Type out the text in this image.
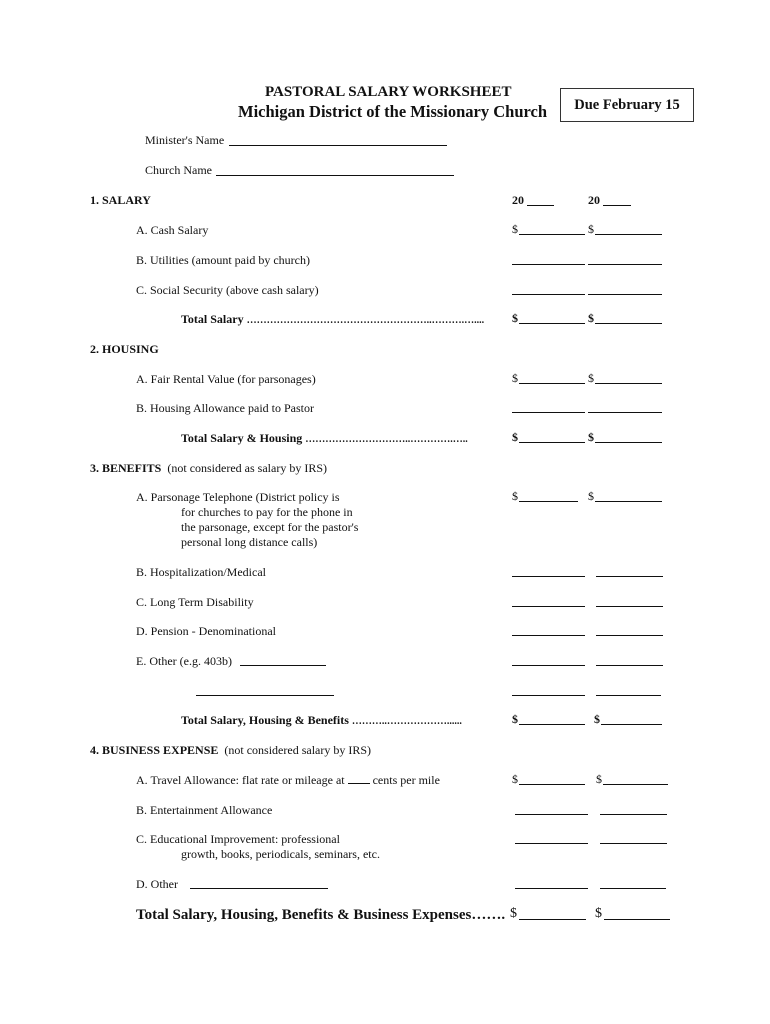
PASTORAL SALARY WORKSHEET
Michigan District of the Missionary Church Due February 15
Minister's Name
Church Name
1. SALARY	20	20
A. Cash Salary	$	$
B. Utilities (amount paid by church)
C. Social Security (above cash salary)
Total Salary ………………………………………………..……….….... $	$
2. HOUSING
A. Fair Rental Value (for parsonages)	$	$
B. Housing Allowance paid to Pastor
Total Salary & Housing …………………………..………….…..	$	$
3. BENEFITS (not considered as salary by IRS)
A. Parsonage Telephone (District policy is
for churches to pay for the phone in
the parsonage, except for the pastor's
personal long distance calls)
$	$
B. Hospitalization/Medical
C. Long Term Disability
D. Pension - Denominational
E. Other (e.g. 403b)
Total Salary, Housing & Benefits ………..………………......	$	$
4. BUSINESS EXPENSE (not considered salary by IRS)
A. Travel Allowance: flat rate or mileage at cents per mile	$	$
B. Entertainment Allowance
C. Educational Improvement: professional
growth, books, periodicals, seminars, etc.
D. Other
Total Salary, Housing, Benefits & Business Expenses……. $	$
